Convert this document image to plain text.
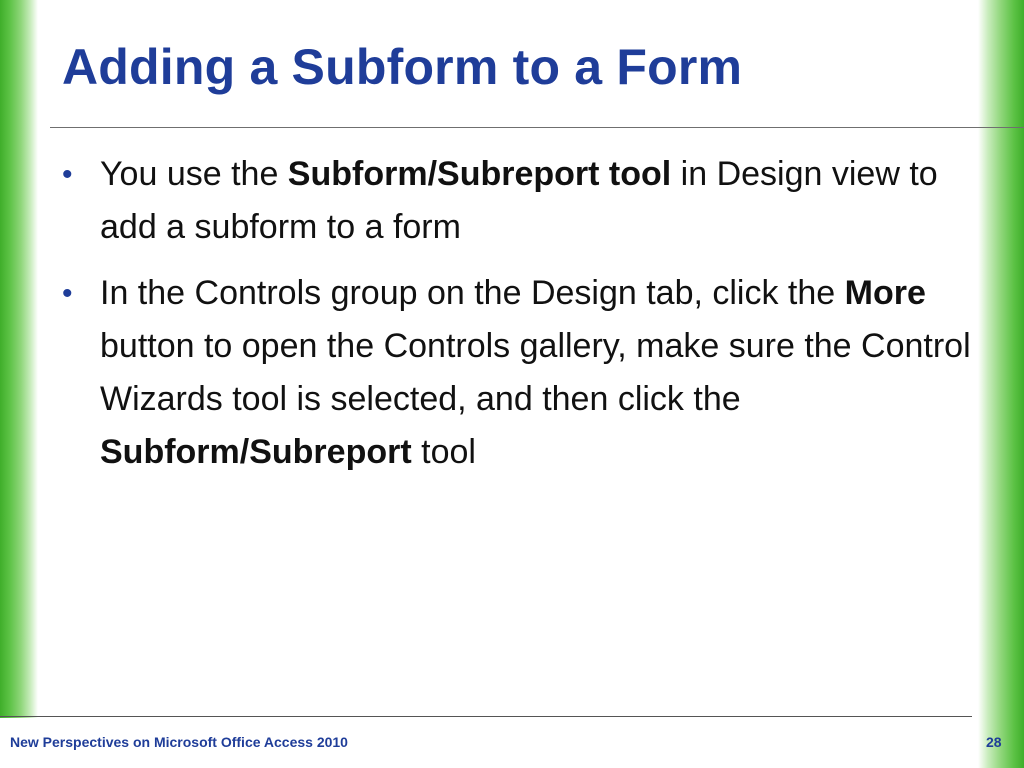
Adding a Subform to a Form
• You use the Subform/Subreport tool in Design view to add a subform to a form
• In the Controls group on the Design tab, click the More button to open the Controls gallery, make sure the Control Wizards tool is selected, and then click the Subform/Subreport tool
New Perspectives on Microsoft Office Access 2010	28
